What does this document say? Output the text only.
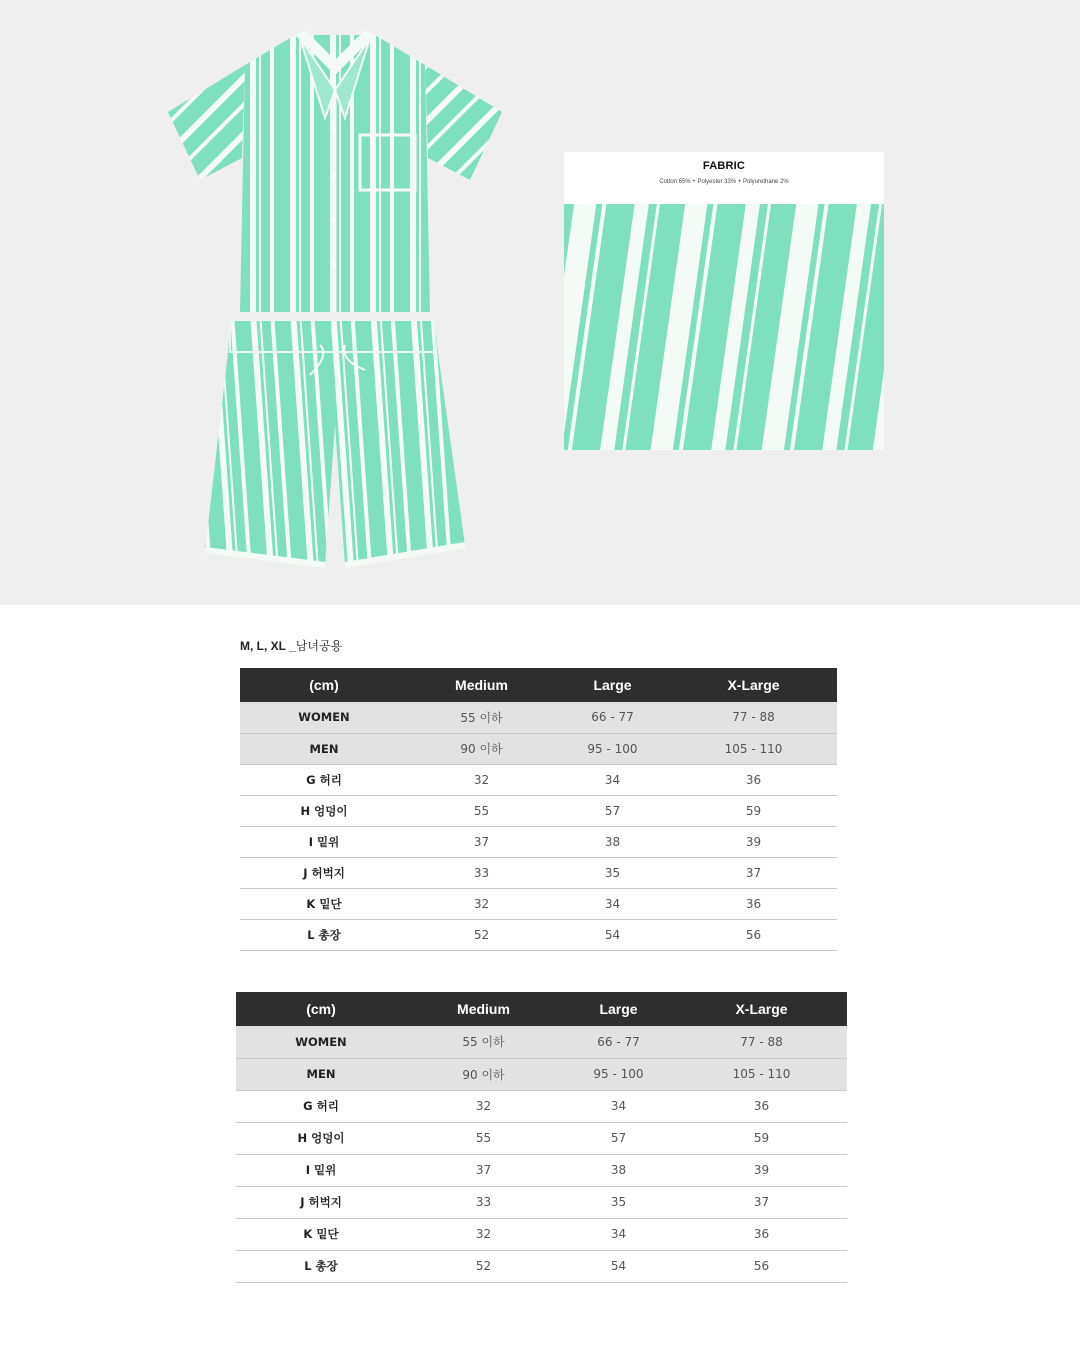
FABRIC
Cotton 65% + Polyester 33% + Polyurethane 2%
M, L, XL _남녀공용
(cm)	Medium	Large	X-Large
WOMEN	55 이하	66 - 77	77 - 88
MEN	90 이하	95 - 100	105 - 110
G 허리	32	34	36
H 엉덩이	55	57	59
I 밑위	37	38	39
J 허벅지	33	35	37
K 밑단	32	34	36
L 총장	52	54	56
(cm)	Medium	Large	X-Large
WOMEN	55 이하	66 - 77	77 - 88
MEN	90 이하	95 - 100	105 - 110
G 허리	32	34	36
H 엉덩이	55	57	59
I 밑위	37	38	39
J 허벅지	33	35	37
K 밑단	32	34	36
L 총장	52	54	56
